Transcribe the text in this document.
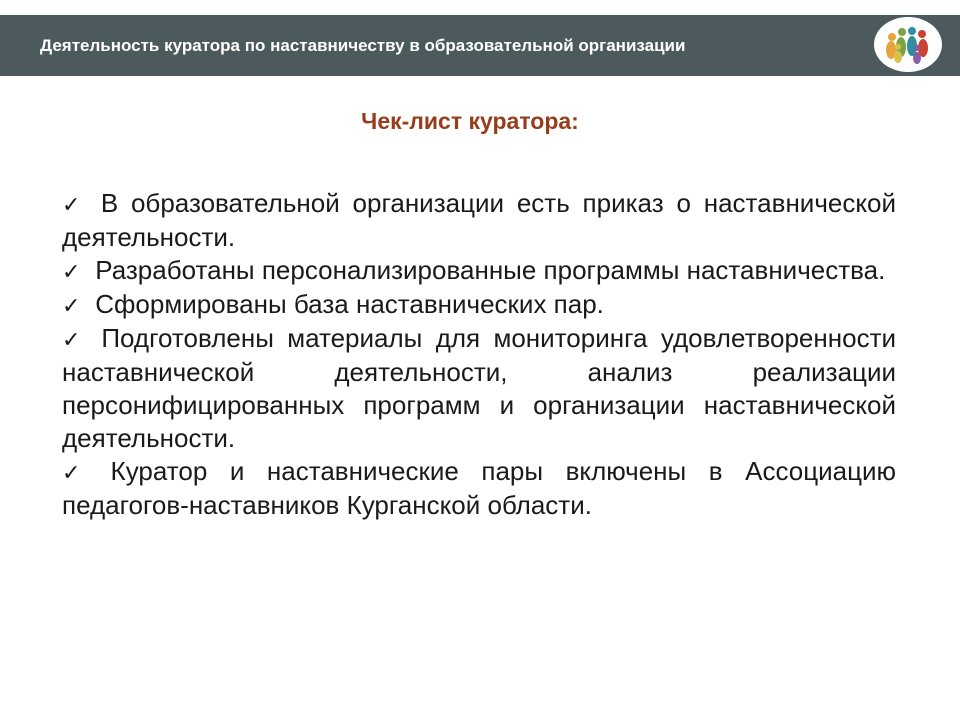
Деятельность куратора по наставничеству в образовательной организации
Чек-лист куратора:
✓ В образовательной организации есть приказ о наставнической деятельности.
✓ Разработаны персонализированные программы наставничества.
✓ Сформированы база наставнических пар.
✓ Подготовлены материалы для мониторинга удовлетворенности наставнической деятельности, анализ реализации персонифицированных программ и организации наставнической деятельности.
✓ Куратор и наставнические пары включены в Ассоциацию педагогов-наставников Курганской области.
